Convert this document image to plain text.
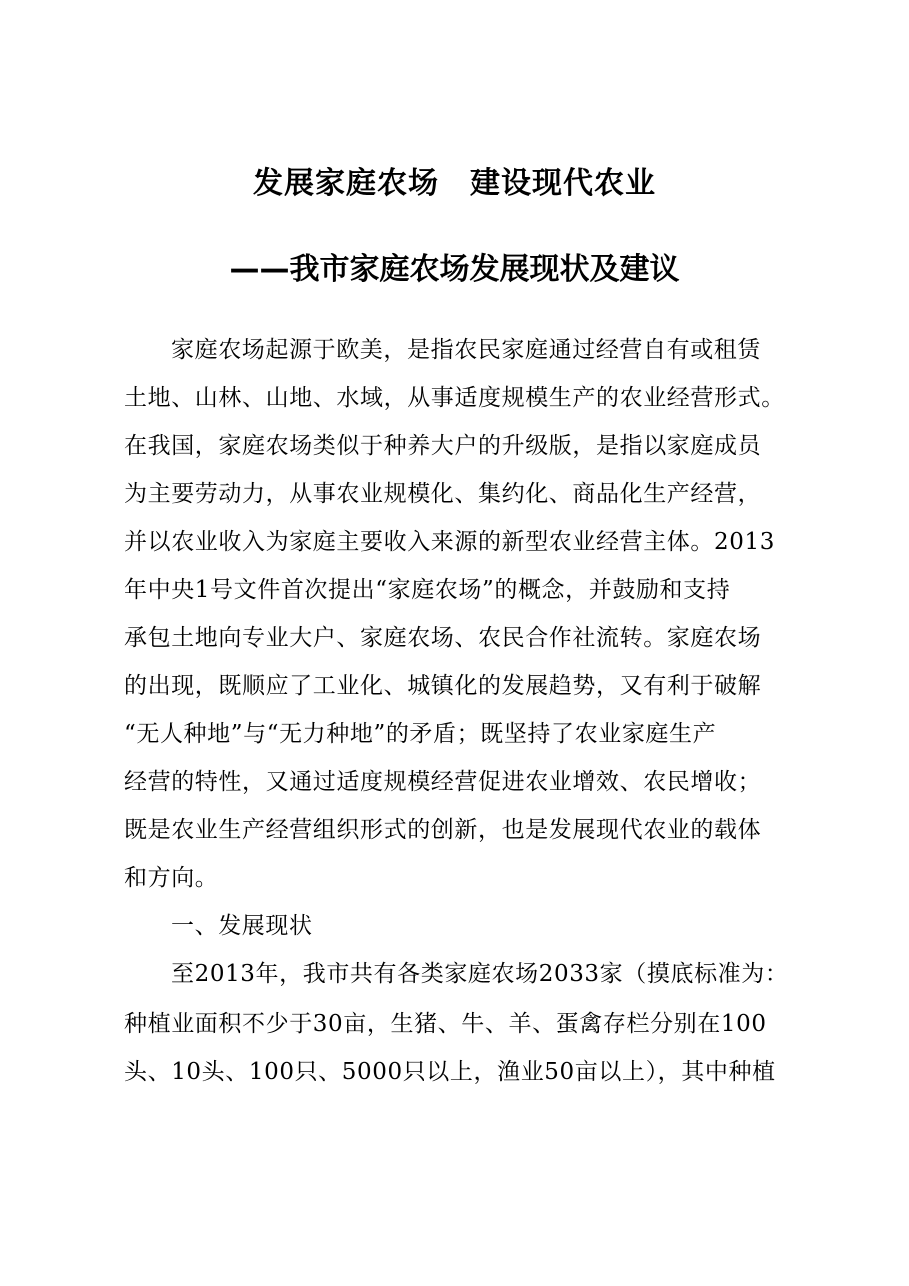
发展家庭农场　建设现代农业
——我市家庭农场发展现状及建议

家庭农场起源于欧美，是指农民家庭通过经营自有或租赁

土地、山林、山地、水域，从事适度规模生产的农业经营形式。

在我国，家庭农场类似于种养大户的升级版，是指以家庭成员

为主要劳动力，从事农业规模化、集约化、商品化生产经营，

并以农业收入为家庭主要收入来源的新型农业经营主体。2013

年中央1号文件首次提出“家庭农场”的概念，并鼓励和支持

承包土地向专业大户、家庭农场、农民合作社流转。家庭农场

的出现，既顺应了工业化、城镇化的发展趋势，又有利于破解

“无人种地”与“无力种地”的矛盾；既坚持了农业家庭生产

经营的特性，又通过适度规模经营促进农业增效、农民增收；

既是农业生产经营组织形式的创新，也是发展现代农业的载体

和方向。

一、发展现状

至2013年，我市共有各类家庭农场2033家（摸底标准为：

种植业面积不少于30亩，生猪、牛、羊、蛋禽存栏分别在100

头、10头、100只、5000只以上，渔业50亩以上），其中种植
